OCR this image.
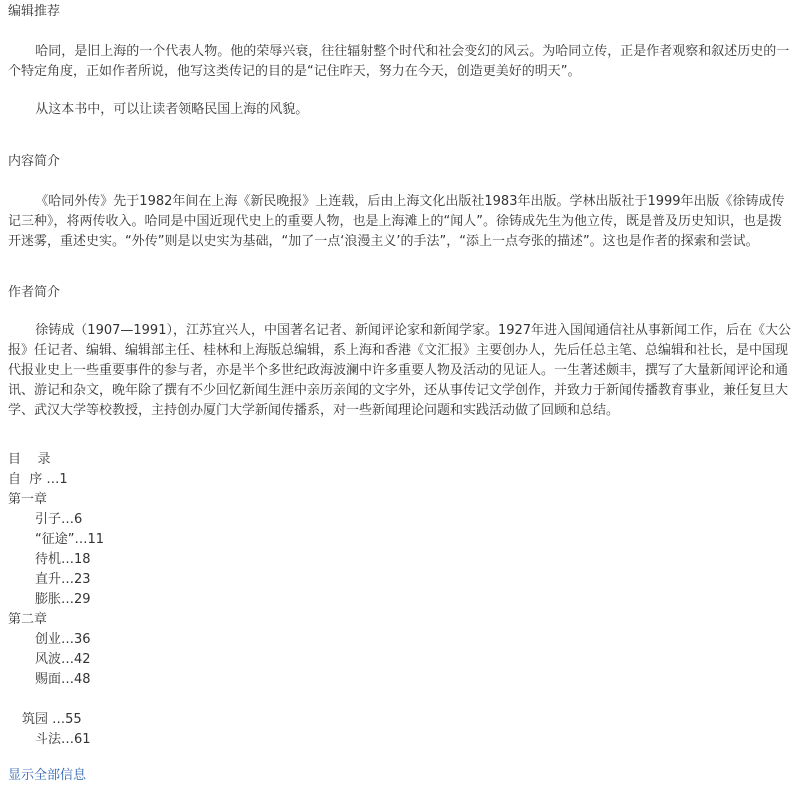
编辑推荐

哈同，是旧上海的一个代表人物。他的荣辱兴衰，往往辐射整个时代和社会变幻的风云。为哈同立传，正是作者观察和叙述历史的一个特定角度，正如作者所说，他写这类传记的目的是“记住昨天，努力在今天，创造更美好的明天”。

从这本书中，可以让读者领略民国上海的风貌。

内容简介

《哈同外传》先于1982年间在上海《新民晚报》上连载，后由上海文化出版社1983年出版。学林出版社于1999年出版《徐铸成传记三种》，将两传收入。哈同是中国近现代史上的重要人物，也是上海滩上的“闻人”。徐铸成先生为他立传，既是普及历史知识，也是拨开迷雾，重述史实。“外传”则是以史实为基础，“加了一点‘浪漫主义’的手法”，“添上一点夸张的描述”。这也是作者的探索和尝试。

作者简介

徐铸成（1907—1991），江苏宜兴人，中国著名记者、新闻评论家和新闻学家。1927年进入国闻通信社从事新闻工作，后在《大公报》任记者、编辑、编辑部主任、桂林和上海版总编辑，系上海和香港《文汇报》主要创办人，先后任总主笔、总编辑和社长，是中国现代报业史上一些重要事件的参与者，亦是半个多世纪政海波澜中许多重要人物及活动的见证人。一生著述颇丰，撰写了大量新闻评论和通讯、游记和杂文，晚年除了撰有不少回忆新闻生涯中亲历亲闻的文字外，还从事传记文学创作，并致力于新闻传播教育事业，兼任复旦大学、武汉大学等校教授，主持创办厦门大学新闻传播系，对一些新闻理论问题和实践活动做了回顾和总结。

目    录

自  序 …1

第一章

引子…6

“征途”…11

待机…18

直升…23

膨胀…29

第二章

创业…36

风波…42

赐面…48

筑园 …55

斗法…61

显示全部信息
